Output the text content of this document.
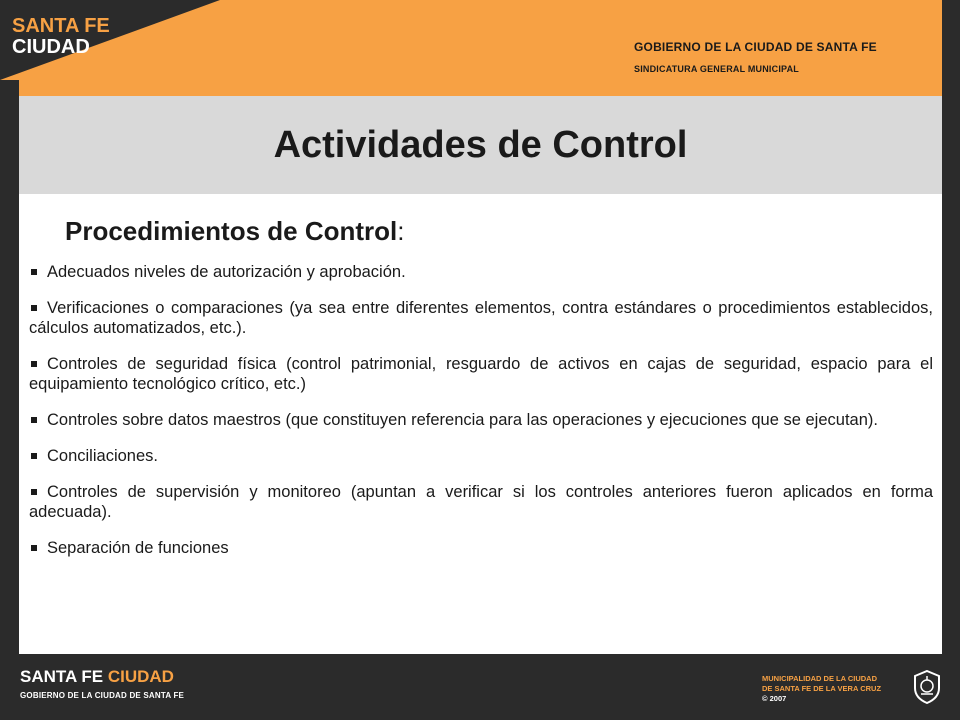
SANTA FE
CIUDAD	GOBIERNO DE LA CIUDAD DE SANTA FE
SINDICATURA GENERAL MUNICIPAL
Actividades de Control
Procedimientos de Control:
Adecuados niveles de autorización y aprobación.
Verificaciones o comparaciones (ya sea entre diferentes elementos, contra estándares o procedimientos establecidos, cálculos automatizados, etc.).
Controles de seguridad física (control patrimonial, resguardo de activos en cajas de seguridad, espacio para el equipamiento tecnológico crítico, etc.)
Controles sobre datos maestros (que constituyen referencia para las operaciones y ejecuciones que se ejecutan).
Conciliaciones.
Controles de supervisión y monitoreo (apuntan a verificar si los controles anteriores fueron aplicados en forma adecuada).
Separación de funciones
SANTA FE CIUDAD
GOBIERNO DE LA CIUDAD DE SANTA FE
MUNICIPALIDAD DE LA CIUDAD
DE SANTA FE DE LA VERA CRUZ
© 2007
